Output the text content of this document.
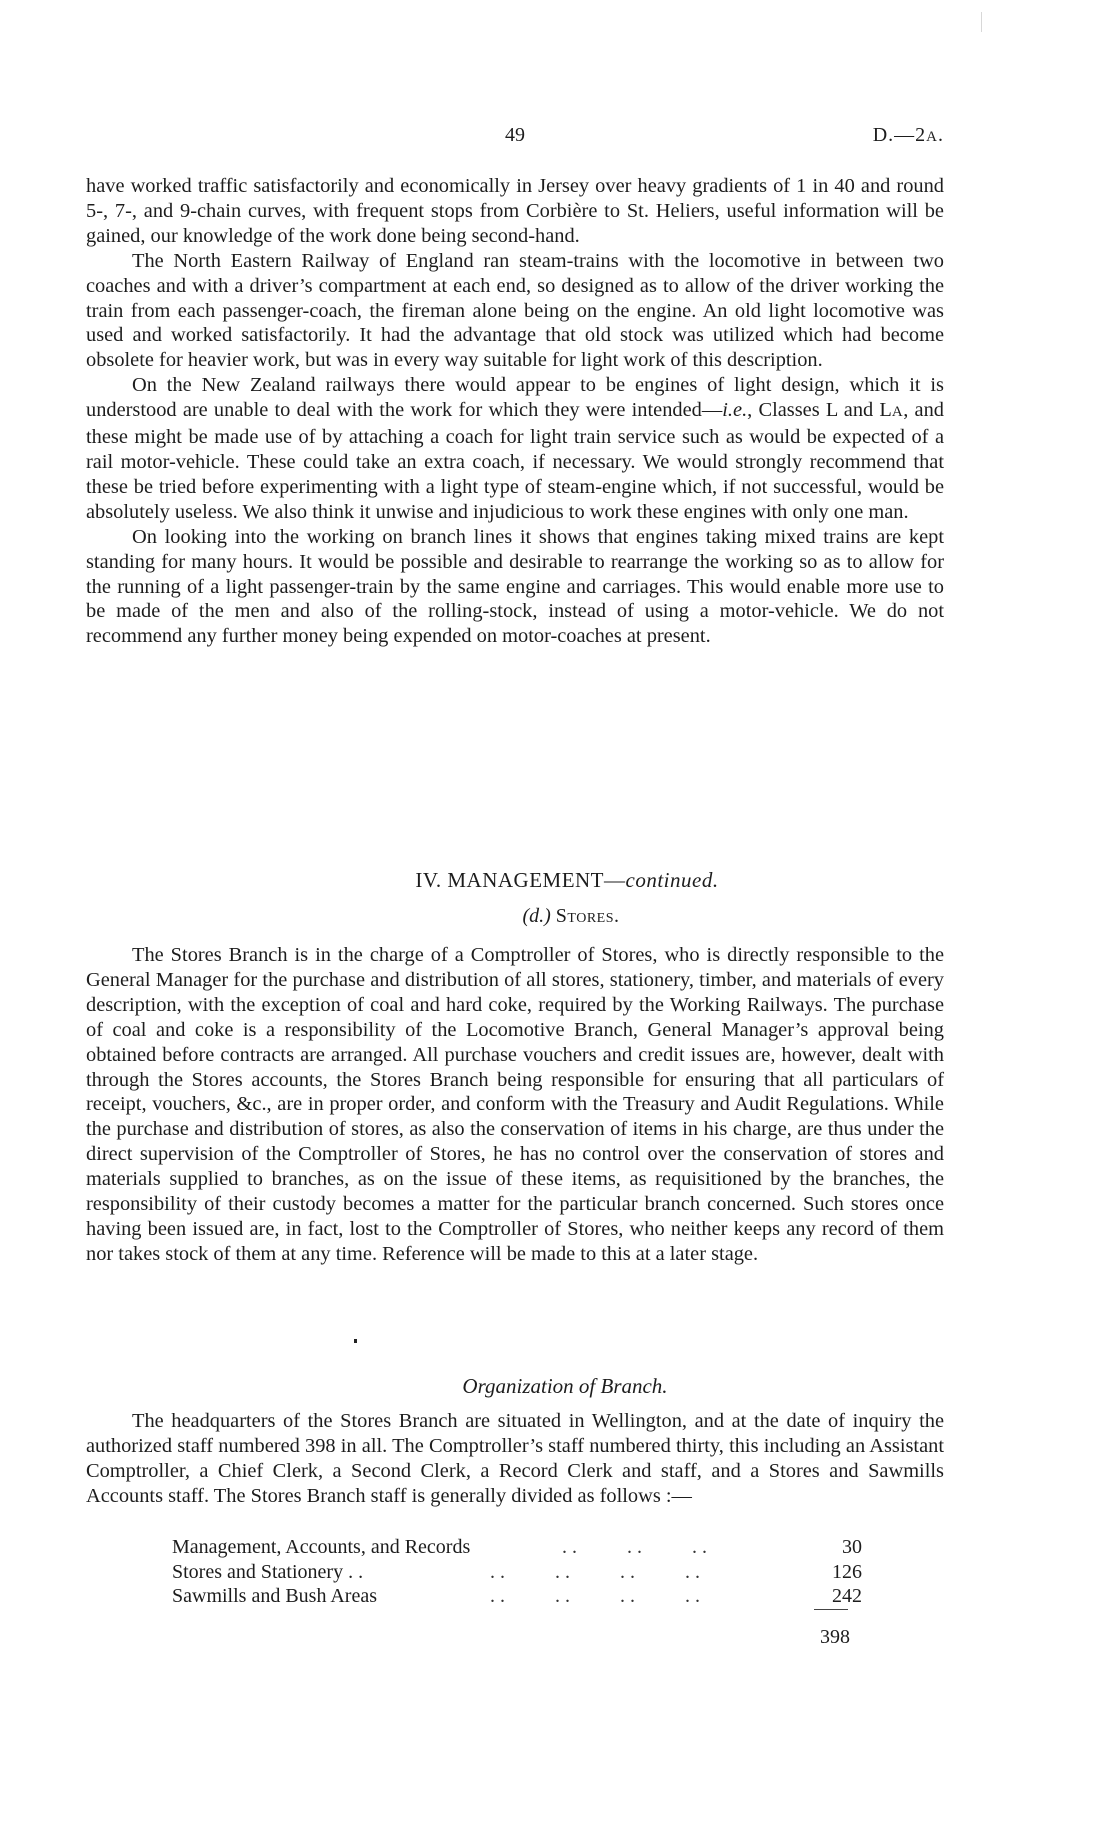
49	D.—2A.

have worked traffic satisfactorily and economically in Jersey over heavy gradients of 1 in 40 and round 5-, 7-, and 9-chain curves, with frequent stops from Corbière to St. Heliers, useful information will be gained, our knowledge of the work done being second-hand.

The North Eastern Railway of England ran steam-trains with the locomotive in between two coaches and with a driver’s compartment at each end, so designed as to allow of the driver working the train from each passenger-coach, the fireman alone being on the engine. An old light locomotive was used and worked satisfactorily. It had the advantage that old stock was utilized which had become obsolete for heavier work, but was in every way suitable for light work of this description.

On the New Zealand railways there would appear to be engines of light design, which it is understood are unable to deal with the work for which they were intended—i.e., Classes L and LA, and these might be made use of by attaching a coach for light train service such as would be expected of a rail motor-vehicle. These could take an extra coach, if necessary. We would strongly recommend that these be tried before experimenting with a light type of steam-engine which, if not successful, would be absolutely useless. We also think it unwise and injudicious to work these engines with only one man.

On looking into the working on branch lines it shows that engines taking mixed trains are kept standing for many hours. It would be possible and desirable to rearrange the working so as to allow for the running of a light passenger-train by the same engine and carriages. This would enable more use to be made of the men and also of the rolling-stock, instead of using a motor-vehicle. We do not recommend any further money being expended on motor-coaches at present.

IV. MANAGEMENT—continued.
(d.) Stores.

The Stores Branch is in the charge of a Comptroller of Stores, who is directly responsible to the General Manager for the purchase and distribution of all stores, stationery, timber, and materials of every description, with the exception of coal and hard coke, required by the Working Railways. The purchase of coal and coke is a responsibility of the Locomotive Branch, General Manager’s approval being obtained before contracts are arranged. All purchase vouchers and credit issues are, however, dealt with through the Stores accounts, the Stores Branch being responsible for ensuring that all particulars of receipt, vouchers, &c., are in proper order, and conform with the Treasury and Audit Regulations. While the purchase and distribution of stores, as also the conservation of items in his charge, are thus under the direct supervision of the Comptroller of Stores, he has no control over the conservation of stores and materials supplied to branches, as on the issue of these items, as requisitioned by the branches, the responsibility of their custody becomes a matter for the particular branch concerned. Such stores once having been issued are, in fact, lost to the Comptroller of Stores, who neither keeps any record of them nor takes stock of them at any time. Reference will be made to this at a later stage.

Organization of Branch.

The headquarters of the Stores Branch are situated in Wellington, and at the date of inquiry the authorized staff numbered 398 in all. The Comptroller’s staff numbered thirty, this including an Assistant Comptroller, a Chief Clerk, a Second Clerk, a Record Clerk and staff, and a Stores and Sawmills Accounts staff. The Stores Branch staff is generally divided as follows :—

Management, Accounts, and Records	. .          . .          . .	30
Stores and Stationery . .	. .          . .          . .          . .	126
Sawmills and Bush Areas	. .          . .          . .          . .	242
398
